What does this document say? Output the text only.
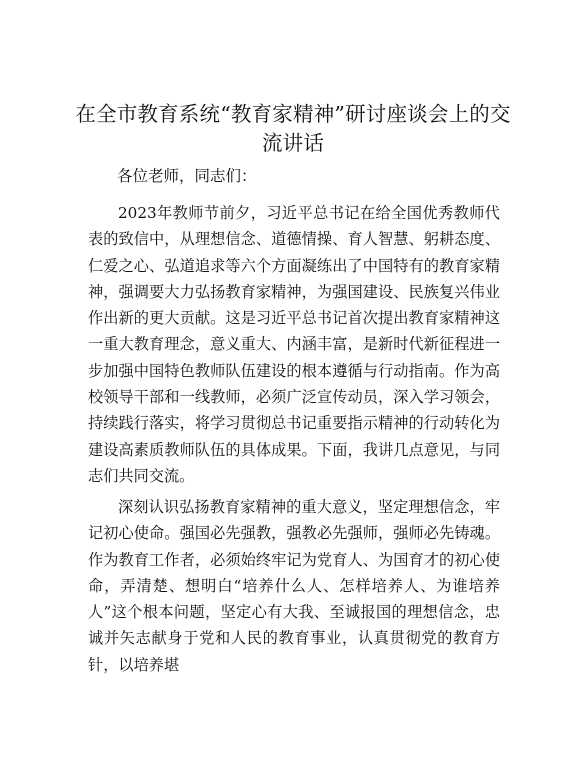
在全市教育系统“教育家精神”研讨座谈会上的交流讲话

各位老师，同志们：

2023年教师节前夕，习近平总书记在给全国优秀教师代表的致信中，从理想信念、道德情操、育人智慧、躬耕态度、仁爱之心、弘道追求等六个方面凝练出了中国特有的教育家精神，强调要大力弘扬教育家精神，为强国建设、民族复兴伟业作出新的更大贡献。这是习近平总书记首次提出教育家精神这一重大教育理念，意义重大、内涵丰富，是新时代新征程进一步加强中国特色教师队伍建设的根本遵循与行动指南。作为高校领导干部和一线教师，必须广泛宣传动员，深入学习领会，持续践行落实，将学习贯彻总书记重要指示精神的行动转化为建设高素质教师队伍的具体成果。下面，我讲几点意见，与同志们共同交流。

深刻认识弘扬教育家精神的重大意义，坚定理想信念，牢记初心使命。强国必先强教，强教必先强师，强师必先铸魂。作为教育工作者，必须始终牢记为党育人、为国育才的初心使命，弄清楚、想明白“培养什么人、怎样培养人、为谁培养人”这个根本问题，坚定心有大我、至诚报国的理想信念，忠诚并矢志献身于党和人民的教育事业，认真贯彻党的教育方针，以培养堪
